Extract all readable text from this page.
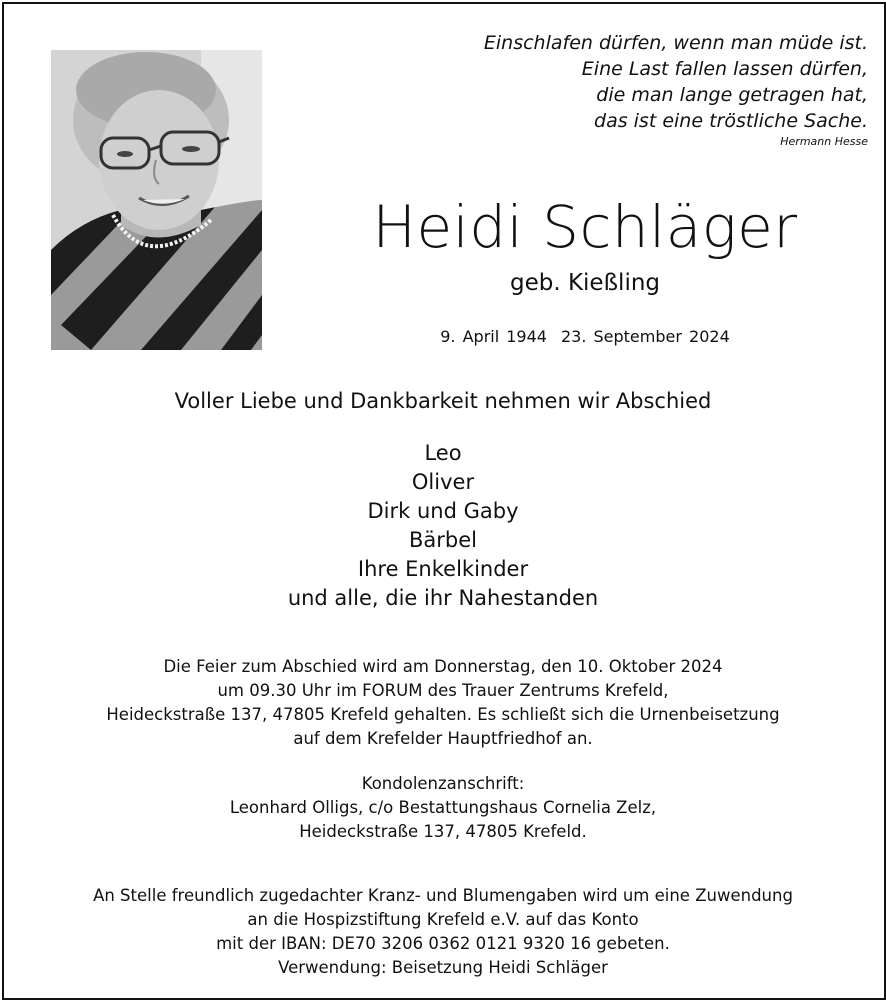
Einschlafen dürfen, wenn man müde ist.
Eine Last fallen lassen dürfen,
die man lange getragen hat,
das ist eine tröstliche Sache.
Hermann Hesse
Heidi Schläger
geb. Kießling
9. April 1944 23. September 2024
Voller Liebe und Dankbarkeit nehmen wir Abschied
Leo
Oliver
Dirk und Gaby
Bärbel
Ihre Enkelkinder
und alle, die ihr Nahestanden
Die Feier zum Abschied wird am Donnerstag, den 10. Oktober 2024
um 09.30 Uhr im FORUM des Trauer Zentrums Krefeld,
Heideckstraße 137, 47805 Krefeld gehalten. Es schließt sich die Urnenbeisetzung
auf dem Krefelder Hauptfriedhof an.
Kondolenzanschrift:
Leonhard Olligs, c/o Bestattungshaus Cornelia Zelz,
Heideckstraße 137, 47805 Krefeld.
An Stelle freundlich zugedachter Kranz- und Blumengaben wird um eine Zuwendung
an die Hospizstiftung Krefeld e.V. auf das Konto
mit der IBAN: DE70 3206 0362 0121 9320 16 gebeten.
Verwendung: Beisetzung Heidi Schläger
